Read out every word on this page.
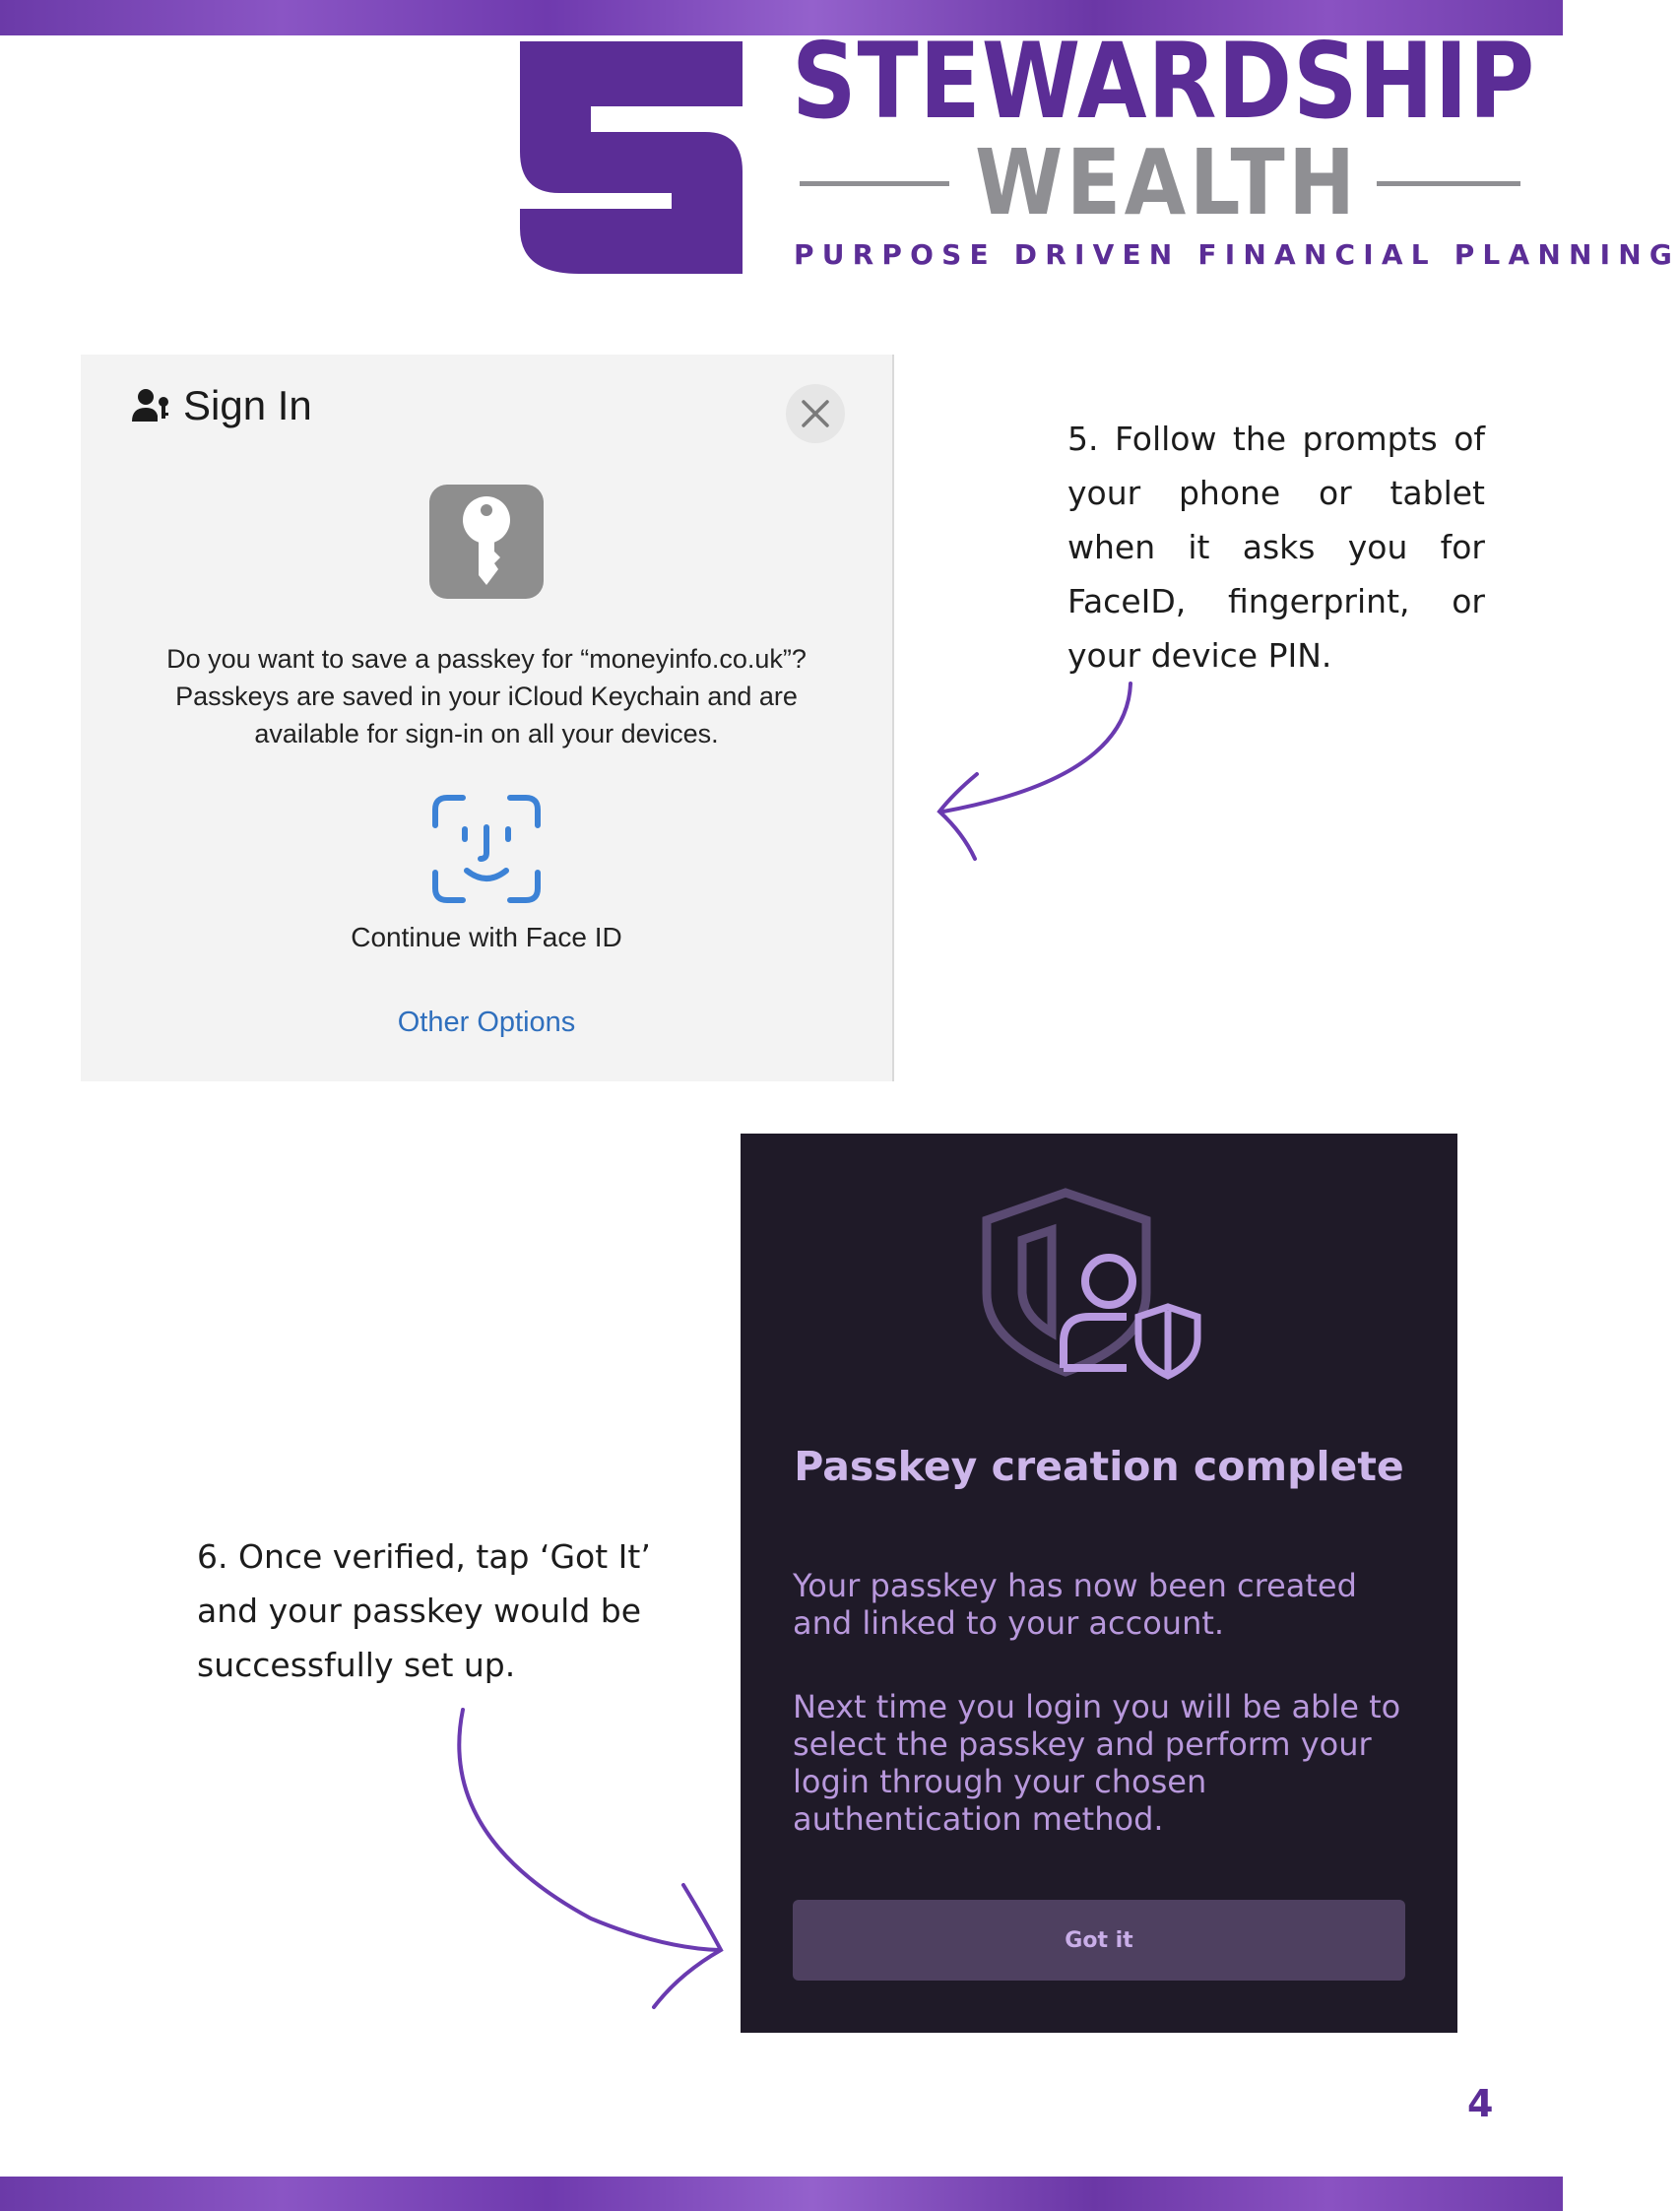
STEWARDSHIP
WEALTH
PURPOSE DRIVEN FINANCIAL PLANNING
Sign In
Do you want to save a passkey for “moneyinfo.co.uk”?
Passkeys are saved in your iCloud Keychain and are
available for sign-in on all your devices.
Continue with Face ID
Other Options
5. Follow the prompts of your phone or tablet when it asks you for FaceID, fingerprint, or your device PIN.
6. Once verified, tap ‘Got It’
and your passkey would be
successfully set up.
Passkey creation complete
Your passkey has now been created
and linked to your account.
Next time you login you will be able to
select the passkey and perform your
login through your chosen
authentication method.
Got it
4
